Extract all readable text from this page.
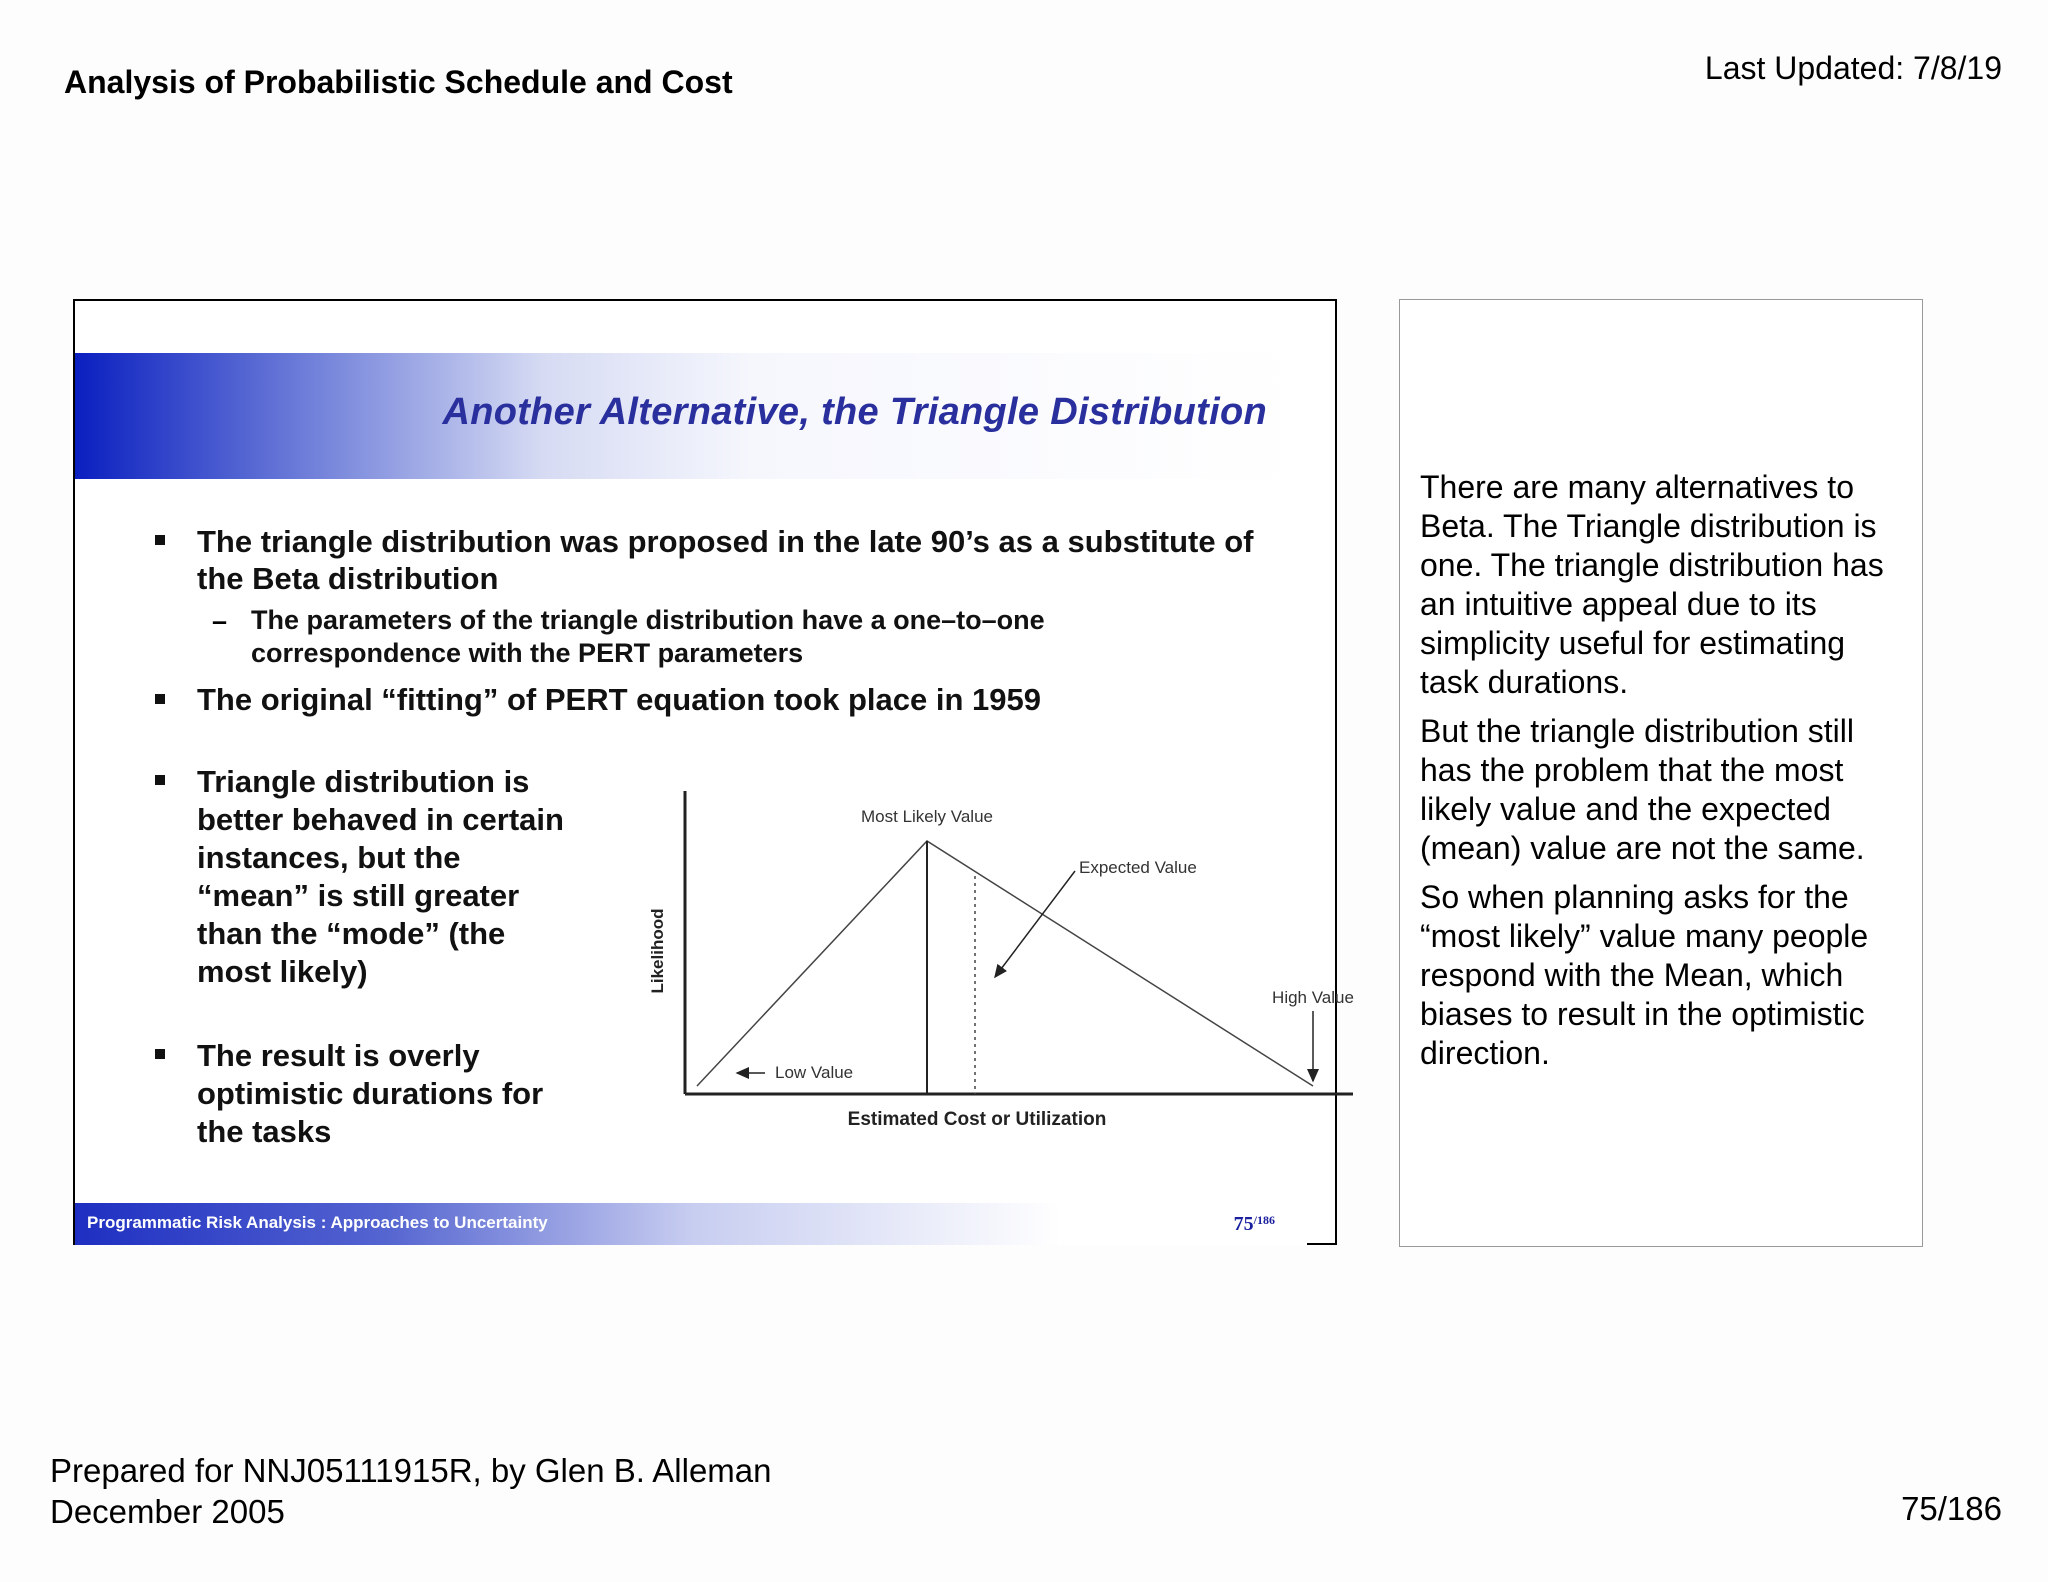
Analysis of Probabilistic Schedule and Cost	Last Updated: 7/8/19
Another Alternative, the Triangle Distribution
The triangle distribution was proposed in the late 90’s as a substitute of the Beta distribution
– The parameters of the triangle distribution have a one–to–one correspondence with the PERT parameters
The original “fitting” of PERT equation took place in 1959
Triangle distribution is better behaved in certain instances, but the “mean” is still greater than the “mode” (the most likely)
The result is overly optimistic durations for the tasks
Most Likely Value
Expected Value
High Value
Low Value
Estimated Cost or Utilization
Likelihood
Programmatic Risk Analysis : Approaches to Uncertainty	$75^{/186}$

There are many alternatives to Beta. The Triangle distribution is one. The triangle distribution has an intuitive appeal due to its simplicity useful for estimating task durations.

But the triangle distribution still has the problem that the most likely value and the expected (mean) value are not the same.

So when planning asks for the “most likely” value many people respond with the Mean, which biases to result in the optimistic direction.

Prepared for NNJ05111915R, by Glen B. Alleman
December 2005	75/186
